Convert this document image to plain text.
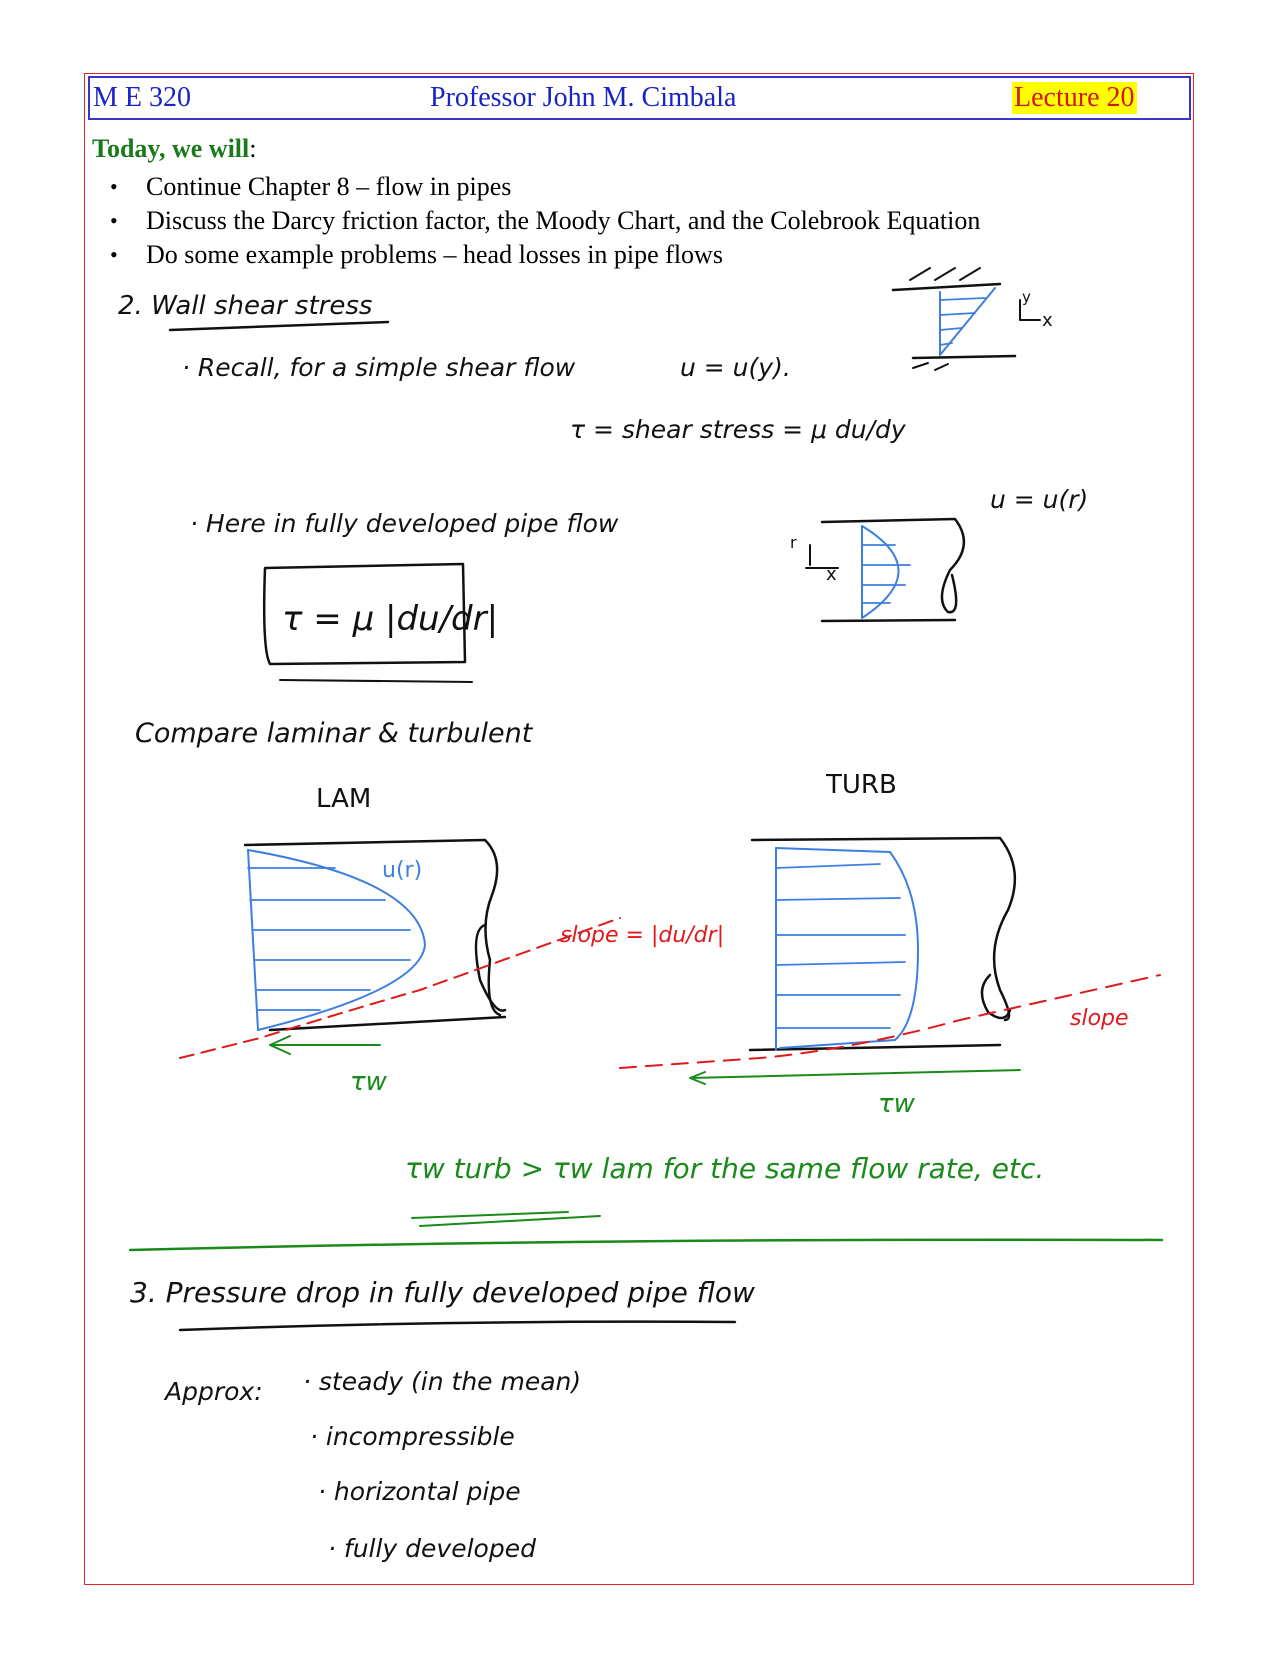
M E 320	Professor John M. Cimbala	Lecture 20
Today, we will:
• Continue Chapter 8 – flow in pipes
• Discuss the Darcy friction factor, the Moody Chart, and the Colebrook Equation
• Do some example problems – head losses in pipe flows
2. Wall shear stress
· Recall, for a simple shear flow	u = u(y).
τ = shear stress = μ du/dy
y
x
· Here in fully developed pipe flow
u = u(r)
τ = μ |du/dr|
r
x
Compare laminar & turbulent
LAM	TURB
u(r)
slope = |du/dr|
τw
slope
τw
τw turb > τw lam for the same flow rate, etc.
3. Pressure drop in fully developed pipe flow
Approx: · steady (in the mean)
· incompressible
· horizontal pipe
· fully developed
